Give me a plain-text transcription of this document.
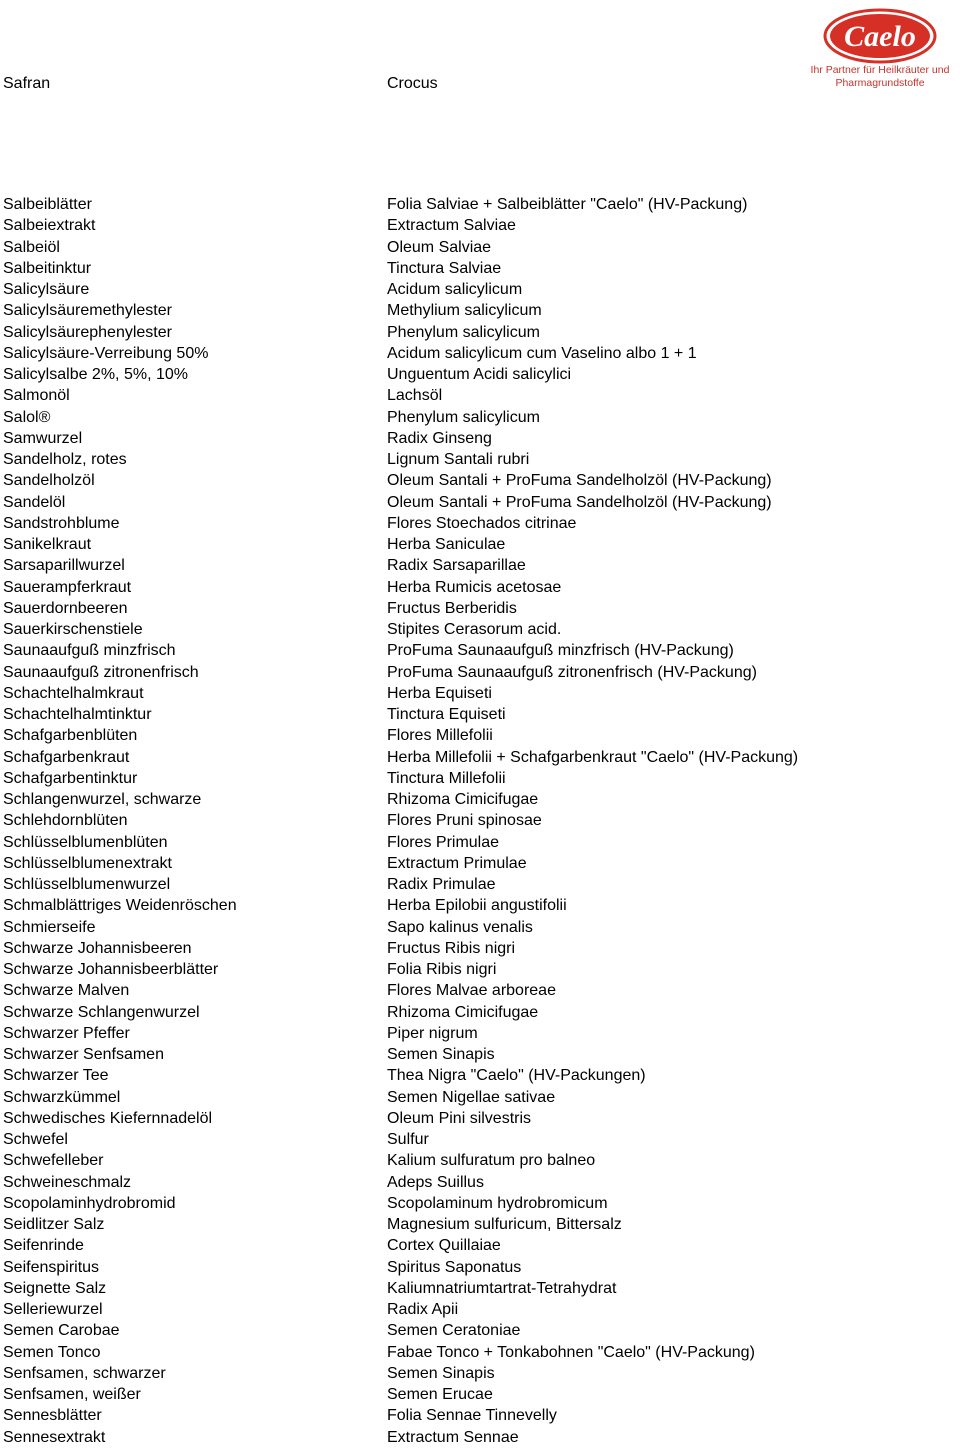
Caelo
Ihr Partner für Heilkräuter und
Pharmagrundstoffe
Safran	Crocus
Salbeiblätter	Folia Salviae + Salbeiblätter "Caelo" (HV-Packung)
Salbeiextrakt	Extractum Salviae
Salbeiöl	Oleum Salviae
Salbeitinktur	Tinctura Salviae
Salicylsäure	Acidum salicylicum
Salicylsäuremethylester	Methylium salicylicum
Salicylsäurephenylester	Phenylum salicylicum
Salicylsäure-Verreibung 50%	Acidum salicylicum cum Vaselino albo 1 + 1
Salicylsalbe 2%, 5%, 10%	Unguentum Acidi salicylici
Salmonöl	Lachsöl
Salol®	Phenylum salicylicum
Samwurzel	Radix Ginseng
Sandelholz, rotes	Lignum Santali rubri
Sandelholzöl	Oleum Santali + ProFuma Sandelholzöl (HV-Packung)
Sandelöl	Oleum Santali + ProFuma Sandelholzöl (HV-Packung)
Sandstrohblume	Flores Stoechados citrinae
Sanikelkraut	Herba Saniculae
Sarsaparillwurzel	Radix Sarsaparillae
Sauerampferkraut	Herba Rumicis acetosae
Sauerdornbeeren	Fructus Berberidis
Sauerkirschenstiele	Stipites Cerasorum acid.
Saunaaufguß minzfrisch	ProFuma Saunaaufguß minzfrisch (HV-Packung)
Saunaaufguß zitronenfrisch	ProFuma Saunaaufguß zitronenfrisch (HV-Packung)
Schachtelhalmkraut	Herba Equiseti
Schachtelhalmtinktur	Tinctura Equiseti
Schafgarbenblüten	Flores Millefolii
Schafgarbenkraut	Herba Millefolii + Schafgarbenkraut "Caelo" (HV-Packung)
Schafgarbentinktur	Tinctura Millefolii
Schlangenwurzel, schwarze	Rhizoma Cimicifugae
Schlehdornblüten	Flores Pruni spinosae
Schlüsselblumenblüten	Flores Primulae
Schlüsselblumenextrakt	Extractum Primulae
Schlüsselblumenwurzel	Radix Primulae
Schmalblättriges Weidenröschen	Herba Epilobii angustifolii
Schmierseife	Sapo kalinus venalis
Schwarze Johannisbeeren	Fructus Ribis nigri
Schwarze Johannisbeerblätter	Folia Ribis nigri
Schwarze Malven	Flores Malvae arboreae
Schwarze Schlangenwurzel	Rhizoma Cimicifugae
Schwarzer Pfeffer	Piper nigrum
Schwarzer Senfsamen	Semen Sinapis
Schwarzer Tee	Thea Nigra "Caelo" (HV-Packungen)
Schwarzkümmel	Semen Nigellae sativae
Schwedisches Kiefernnadelöl	Oleum Pini silvestris
Schwefel	Sulfur
Schwefelleber	Kalium sulfuratum pro balneo
Schweineschmalz	Adeps Suillus
Scopolaminhydrobromid	Scopolaminum hydrobromicum
Seidlitzer Salz	Magnesium sulfuricum, Bittersalz
Seifenrinde	Cortex Quillaiae
Seifenspiritus	Spiritus Saponatus
Seignette Salz	Kaliumnatriumtartrat-Tetrahydrat
Selleriewurzel	Radix Apii
Semen Carobae	Semen Ceratoniae
Semen Tonco	Fabae Tonco + Tonkabohnen "Caelo" (HV-Packung)
Senfsamen, schwarzer	Semen Sinapis
Senfsamen, weißer	Semen Erucae
Sennesblätter	Folia Sennae Tinnevelly
Sennesextrakt	Extractum Sennae
